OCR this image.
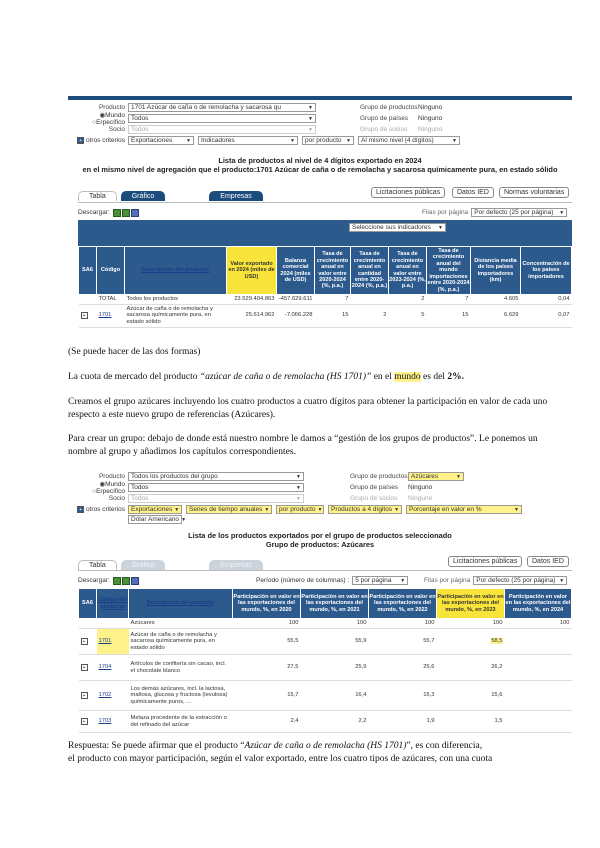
Producto 1701 Azúcar de caña o de remolacha y sacarosa qu	▼
◉Mundo ○Erpecífico
Todos	▼
Socio Todos	▼
+ otros criterios Exportaciones	▼ Indicadores	▼ por producto ▼ Al mismo nivel (4 dígitos)	▼
Grupo de productos Ninguno
Grupo de países	Ninguno
Grupo de socios	Ninguno
Lista de productos al nivel de 4 dígitos exportado en 2024
en el mismo nivel de agregación que el producto:1701 Azúcar de caña o de remolacha y sacarosa químicamente pura, en estado sólido
Tabla	Gráfico	Empresas
Licitaciones públicas	Datos IED	Normas voluntarias
Descargar:	Filas por página Por defecto (25 por página)	▼
Seleccione sus indicadores	▼
SA6	Código	Descripción del producto	Valor exportado en 2024 (miles de USD)	Balanza comercial 2024 (miles de USD)	Tasa de crecimiento anual en valor entre 2020-2024 (%, p.a.)	Tasa de crecimiento anual en cantidad entre 2020-2024 (%, p.a.)	Tasa de crecimiento anual en valor entre 2023-2024 (%, p.a.)	Tasa de crecimiento anual del mundo importaciones entre 2020-2024 (%, p.a.)	Distancia media de los países importadores (km)	Concentración de los países importadores
	TOTAL	Todos los productos	23.529.404.863	-457.629.611	7		2	7	4.605	0,04
+	1701	Azúcar de caña o de remolacha y sacarosa químicamente pura, en estado sólido	25.614.962	-7.066.228	15	2	5	15	6.629	0,07
(Se puede hacer de las dos formas)
La cuota de mercado del producto “azúcar de caña o de remolacha (HS 1701)” en el mundo es del 2%.
Creamos el grupo azúcares incluyendo los cuatro productos a cuatro dígitos para obtener la participación en valor de cada uno respecto a este nuevo grupo de referencias (Azúcares).
Para crear un grupo: debajo de donde está nuestro nombre le damos a “gestión de los grupos de productos”. Le ponemos un nombre al grupo y añadimos los capítulos correspondientes.
Producto Todos los productos del grupo	▼
◉Mundo ○Erpecífico
Todos	▼
Socio Todos	▼
+ otros criterios Exportaciones ▼ Series de tiempo anuales ▼ por producto ▼ Productos a 4 dígitos ▼ Porcentaje en valor en %	▼
Dólar Americano ▼
Grupo de productos Azúcares	▼
Grupo de países	Ninguno
Grupo de socios	Ninguno
Lista de los productos exportados por el grupo de productos seleccionado
Grupo de productos: Azúcares
Tabla	Gráfico	Empresas
Licitaciones públicas	Datos IED
Descargar:	Período (número de columnas) : 5 por página	▼	Filas por página Por defecto (25 por página) ▼
SA6	Código del producto	Descripción del producto	Participación en valor en las exportaciones del mundo, %, en 2020	Participación en valor en las exportaciones del mundo, %, en 2021	Participación en valor en las exportaciones del mundo, %, en 2022	Participación en valor en las exportaciones del mundo, %, en 2023	Participación en valor en las exportaciones del mundo, %, en 2024
		Azúcares	100	100	100	100	100
+	1701	Azúcar de caña o de remolacha y sacarosa químicamente pura, en estado sólido	55,5	55,9	55,7	58,5	
+	1704	Artículos de confitería sin cacao, incl. el chocolate blanco	27,5	25,9	25,6	26,2	
+	1702	Los demás azúcares, incl. la lactosa, maltosa, glucosa y fructosa (levulosa) químicamente puros, ...	15,7	16,4	15,3	15,6	
+	1703	Melaza procedente de la extracción o del refinado del azúcar	2,4	2,2	1,9	1,5	
Respuesta: Se puede afirmar que el producto “Azúcar de caña o de remolacha (HS 1701)”, es con diferencia,
el producto con mayor participación, según el valor exportado, entre los cuatro tipos de azúcares, con una cuota
